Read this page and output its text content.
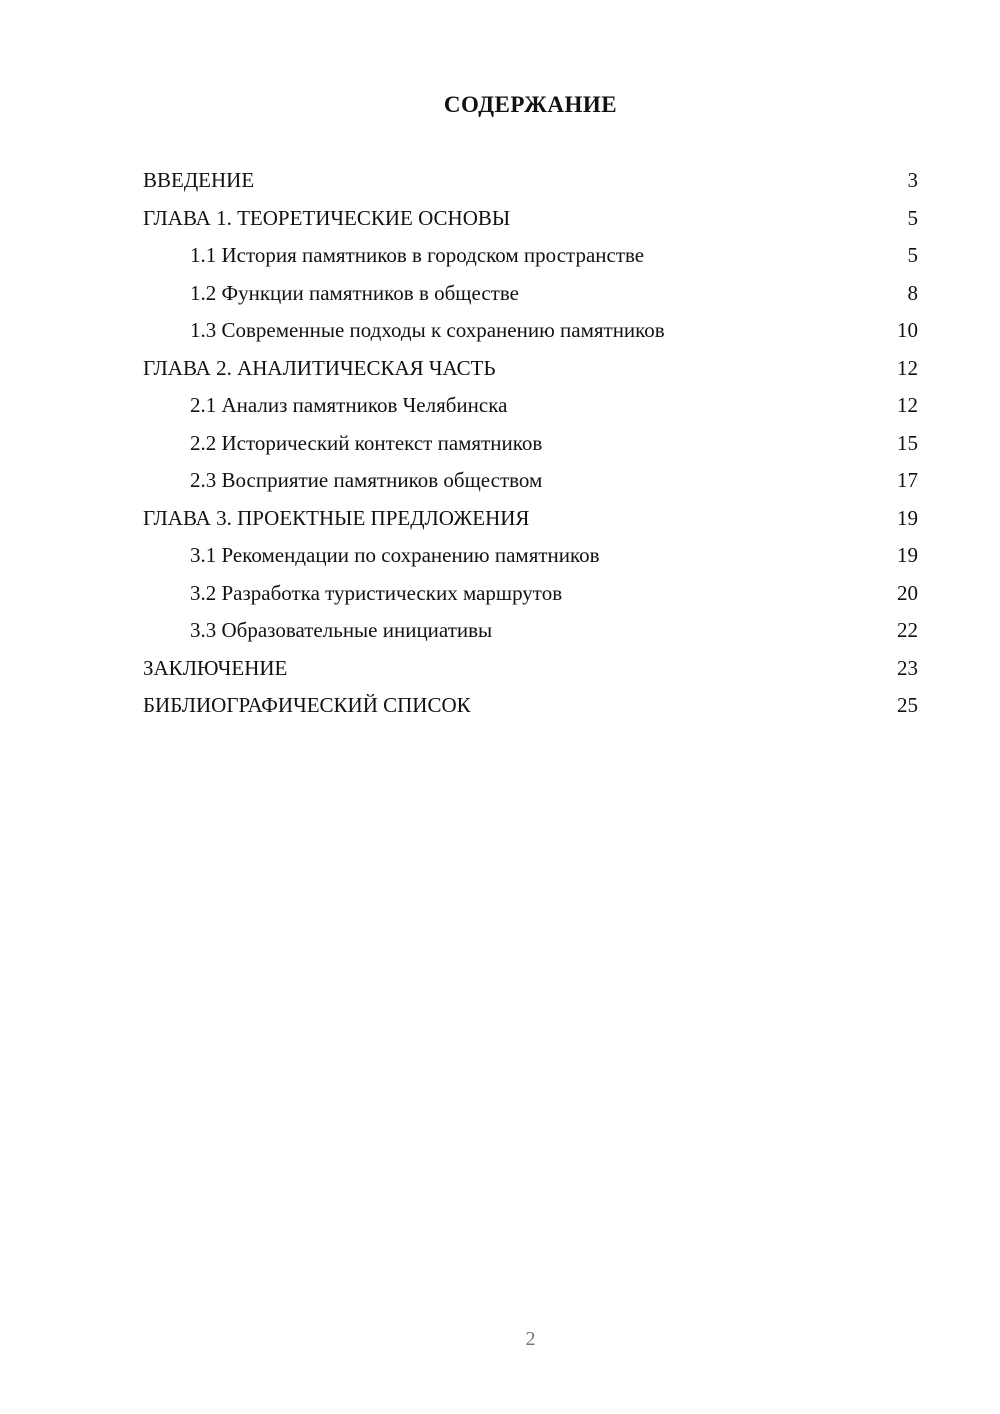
СОДЕРЖАНИЕ
ВВЕДЕНИЕ	3
ГЛАВА 1. ТЕОРЕТИЧЕСКИЕ ОСНОВЫ	5
1.1 История памятников в городском пространстве	5
1.2 Функции памятников в обществе	8
1.3 Современные подходы к сохранению памятников	10
ГЛАВА 2. АНАЛИТИЧЕСКАЯ ЧАСТЬ	12
2.1 Анализ памятников Челябинска	12
2.2 Исторический контекст памятников	15
2.3 Восприятие памятников обществом	17
ГЛАВА 3. ПРОЕКТНЫЕ ПРЕДЛОЖЕНИЯ	19
3.1 Рекомендации по сохранению памятников	19
3.2 Разработка туристических маршрутов	20
3.3 Образовательные инициативы	22
ЗАКЛЮЧЕНИЕ	23
БИБЛИОГРАФИЧЕСКИЙ СПИСОК	25
2
